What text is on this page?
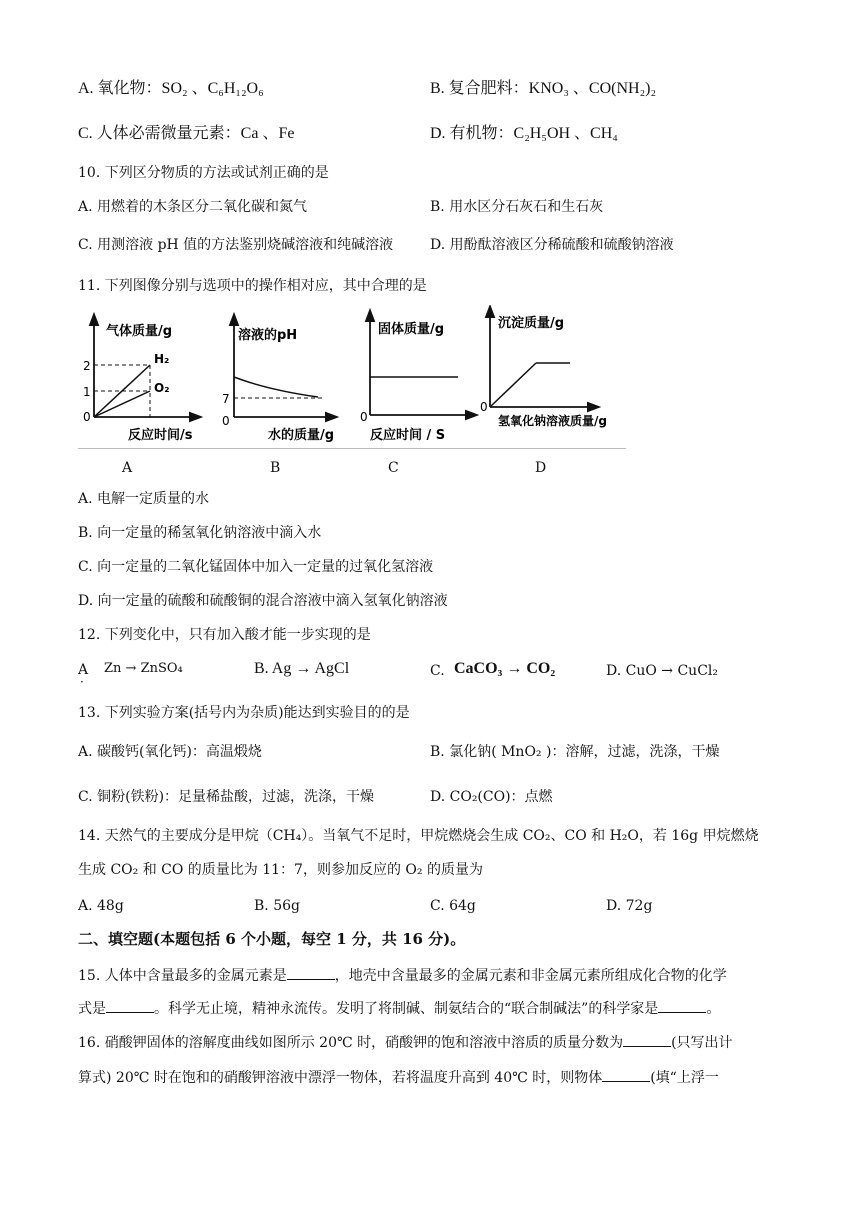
A. 氧化物：SO₂ 、C₆H₁₂O₆	B. 复合肥料：KNO₃ 、CO(NH₂)₂
C. 人体必需微量元素：Ca 、Fe	D. 有机物：C₂H₅OH 、CH₄
10. 下列区分物质的方法或试剂正确的是
A. 用燃着的木条区分二氧化碳和氮气	B. 用水区分石灰石和生石灰
C. 用测溶液 pH 值的方法鉴别烧碱溶液和纯碱溶液	D. 用酚酞溶液区分稀硫酸和硫酸钠溶液
11. 下列图像分别与选项中的操作相对应，其中合理的是
气体质量/g
反应时间/s
2
1
0
H₂
O₂
溶液的pH
水的质量/g
7
0
固体质量/g
反应时间 / S
0
沉淀质量/g
氢氧化钠溶液质量/g
0
A	B	C	D
A. 电解一定质量的水
B. 向一定量的稀氢氧化钠溶液中滴入水
C. 向一定量的二氧化锰固体中加入一定量的过氧化氢溶液
D. 向一定量的硫酸和硫酸铜的混合溶液中滴入氢氧化钠溶液
12. 下列变化中，只有加入酸才能一步实现的是
A
·
Zn → ZnSO₄	B. Ag → AgCl	C. CaCO₃ → CO₂	D. CuO → CuCl₂
13. 下列实验方案(括号内为杂质)能达到实验目的的是
A. 碳酸钙(氧化钙)：高温煅烧	B. 氯化钠( MnO₂ )：溶解，过滤，洗涤，干燥
C. 铜粉(铁粉)：足量稀盐酸，过滤，洗涤，干燥	D. CO₂(CO)：点燃
14. 天然气的主要成分是甲烷（CH₄）。当氧气不足时，甲烷燃烧会生成 CO₂、CO 和 H₂O，若 16g 甲烷燃烧
生成 CO₂ 和 CO 的质量比为 11：7，则参加反应的 O₂ 的质量为
A. 48g	B. 56g	C. 64g	D. 72g
二、填空题(本题包括 6 个小题，每空 1 分，共 16 分)。
15. 人体中含量最多的金属元素是	，地壳中含量最多的金属元素和非金属元素所组成化合物的化学
式是	。科学无止境，精神永流传。发明了将制碱、制氨结合的“联合制碱法”的科学家是	。
16. 硝酸钾固体的溶解度曲线如图所示 20℃ 时，硝酸钾的饱和溶液中溶质的质量分数为	(只写出计
算式) 20℃ 时在饱和的硝酸钾溶液中漂浮一物体，若将温度升高到 40℃ 时，则物体	(填“上浮一
